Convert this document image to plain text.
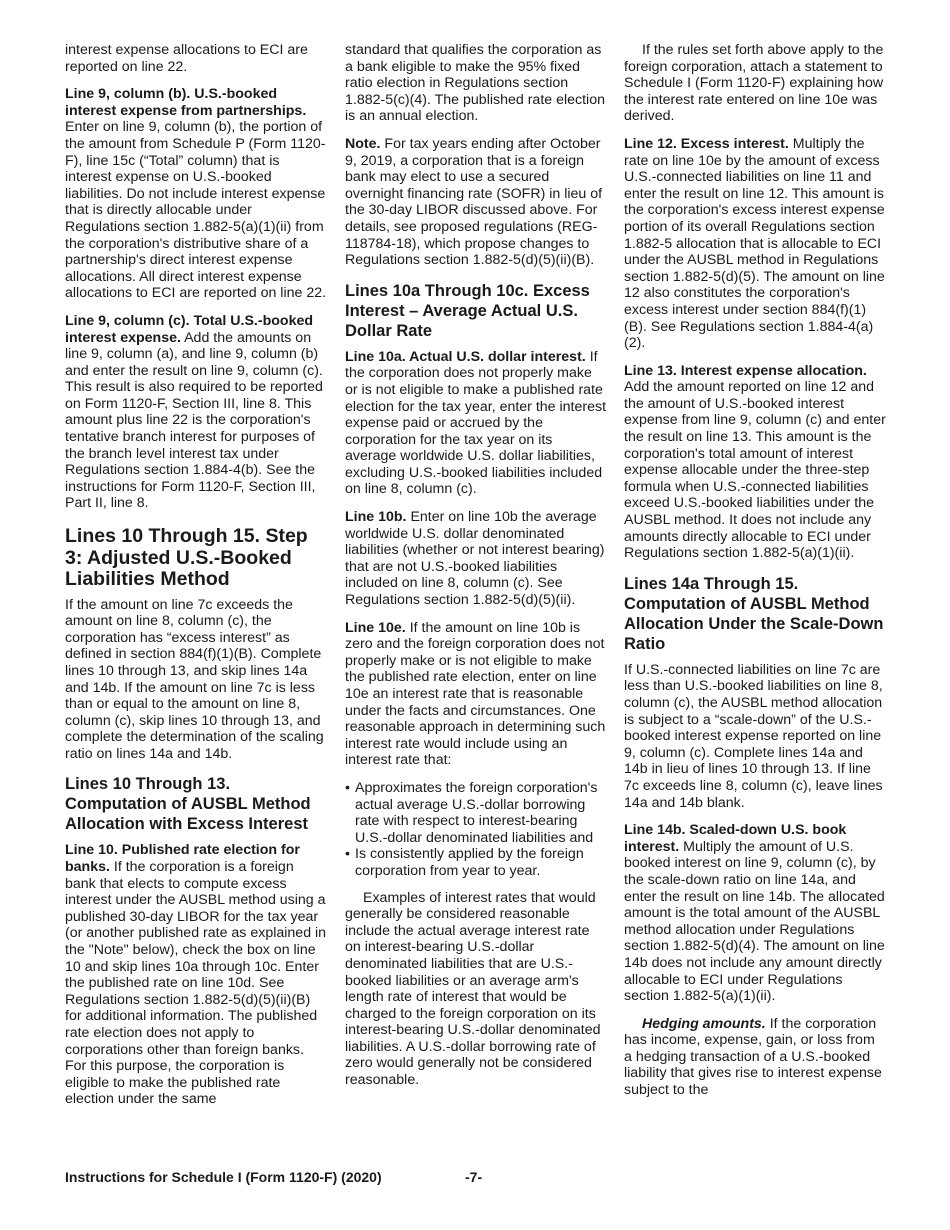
interest expense allocations to ECI are reported on line 22.

Line 9, column (b). U.S.-booked interest expense from partnerships. Enter on line 9, column (b), the portion of the amount from Schedule P (Form 1120-F), line 15c (“Total” column) that is interest expense on U.S.-booked liabilities. Do not include interest expense that is directly allocable under Regulations section 1.882-5(a)(1)(ii) from the corporation's distributive share of a partnership's direct interest expense allocations. All direct interest expense allocations to ECI are reported on line 22.

Line 9, column (c). Total U.S.-booked interest expense. Add the amounts on line 9, column (a), and line 9, column (b) and enter the result on line 9, column (c). This result is also required to be reported on Form 1120-F, Section III, line 8. This amount plus line 22 is the corporation's tentative branch interest for purposes of the branch level interest tax under Regulations section 1.884-4(b). See the instructions for Form 1120-F, Section III, Part II, line 8.

Lines 10 Through 15. Step 3: Adjusted U.S.-Booked Liabilities Method

If the amount on line 7c exceeds the amount on line 8, column (c), the corporation has “excess interest” as defined in section 884(f)(1)(B). Complete lines 10 through 13, and skip lines 14a and 14b. If the amount on line 7c is less than or equal to the amount on line 8, column (c), skip lines 10 through 13, and complete the determination of the scaling ratio on lines 14a and 14b.

Lines 10 Through 13. Computation of AUSBL Method Allocation with Excess Interest

Line 10. Published rate election for banks. If the corporation is a foreign bank that elects to compute excess interest under the AUSBL method using a published 30-day LIBOR for the tax year (or another published rate as explained in the "Note" below), check the box on line 10 and skip lines 10a through 10c. Enter the published rate on line 10d. See Regulations section 1.882-5(d)(5)(ii)(B) for additional information. The published rate election does not apply to corporations other than foreign banks. For this purpose, the corporation is eligible to make the published rate election under the same

standard that qualifies the corporation as a bank eligible to make the 95% fixed ratio election in Regulations section 1.882-5(c)(4). The published rate election is an annual election.

Note. For tax years ending after October 9, 2019, a corporation that is a foreign bank may elect to use a secured overnight financing rate (SOFR) in lieu of the 30-day LIBOR discussed above. For details, see proposed regulations (REG-118784-18), which propose changes to Regulations section 1.882-5(d)(5)(ii)(B).

Lines 10a Through 10c. Excess Interest – Average Actual U.S. Dollar Rate

Line 10a. Actual U.S. dollar interest. If the corporation does not properly make or is not eligible to make a published rate election for the tax year, enter the interest expense paid or accrued by the corporation for the tax year on its average worldwide U.S. dollar liabilities, excluding U.S.-booked liabilities included on line 8, column (c).

Line 10b. Enter on line 10b the average worldwide U.S. dollar denominated liabilities (whether or not interest bearing) that are not U.S.-booked liabilities included on line 8, column (c). See Regulations section 1.882-5(d)(5)(ii).

Line 10e. If the amount on line 10b is zero and the foreign corporation does not properly make or is not eligible to make the published rate election, enter on line 10e an interest rate that is reasonable under the facts and circumstances. One reasonable approach in determining such interest rate would include using an interest rate that:

• Approximates the foreign corporation's actual average U.S.-dollar borrowing rate with respect to interest-bearing U.S.-dollar denominated liabilities and
• Is consistently applied by the foreign corporation from year to year.

Examples of interest rates that would generally be considered reasonable include the actual average interest rate on interest-bearing U.S.-dollar denominated liabilities that are U.S.-booked liabilities or an average arm's length rate of interest that would be charged to the foreign corporation on its interest-bearing U.S.-dollar denominated liabilities. A U.S.-dollar borrowing rate of zero would generally not be considered reasonable.

If the rules set forth above apply to the foreign corporation, attach a statement to Schedule I (Form 1120-F) explaining how the interest rate entered on line 10e was derived.

Line 12. Excess interest. Multiply the rate on line 10e by the amount of excess U.S.-connected liabilities on line 11 and enter the result on line 12. This amount is the corporation's excess interest expense portion of its overall Regulations section 1.882-5 allocation that is allocable to ECI under the AUSBL method in Regulations section 1.882-5(d)(5). The amount on line 12 also constitutes the corporation's excess interest under section 884(f)(1)(B). See Regulations section 1.884-4(a)(2).

Line 13. Interest expense allocation. Add the amount reported on line 12 and the amount of U.S.-booked interest expense from line 9, column (c) and enter the result on line 13. This amount is the corporation's total amount of interest expense allocable under the three-step formula when U.S.-connected liabilities exceed U.S.-booked liabilities under the AUSBL method. It does not include any amounts directly allocable to ECI under Regulations section 1.882-5(a)(1)(ii).

Lines 14a Through 15. Computation of AUSBL Method Allocation Under the Scale-Down Ratio

If U.S.-connected liabilities on line 7c are less than U.S.-booked liabilities on line 8, column (c), the AUSBL method allocation is subject to a “scale-down” of the U.S.-booked interest expense reported on line 9, column (c). Complete lines 14a and 14b in lieu of lines 10 through 13. If line 7c exceeds line 8, column (c), leave lines 14a and 14b blank.

Line 14b. Scaled-down U.S. book interest. Multiply the amount of U.S. booked interest on line 9, column (c), by the scale-down ratio on line 14a, and enter the result on line 14b. The allocated amount is the total amount of the AUSBL method allocation under Regulations section 1.882-5(d)(4). The amount on line 14b does not include any amount directly allocable to ECI under Regulations section 1.882-5(a)(1)(ii).

Hedging amounts. If the corporation has income, expense, gain, or loss from a hedging transaction of a U.S.-booked liability that gives rise to interest expense subject to the

Instructions for Schedule I (Form 1120-F) (2020)	-7-
